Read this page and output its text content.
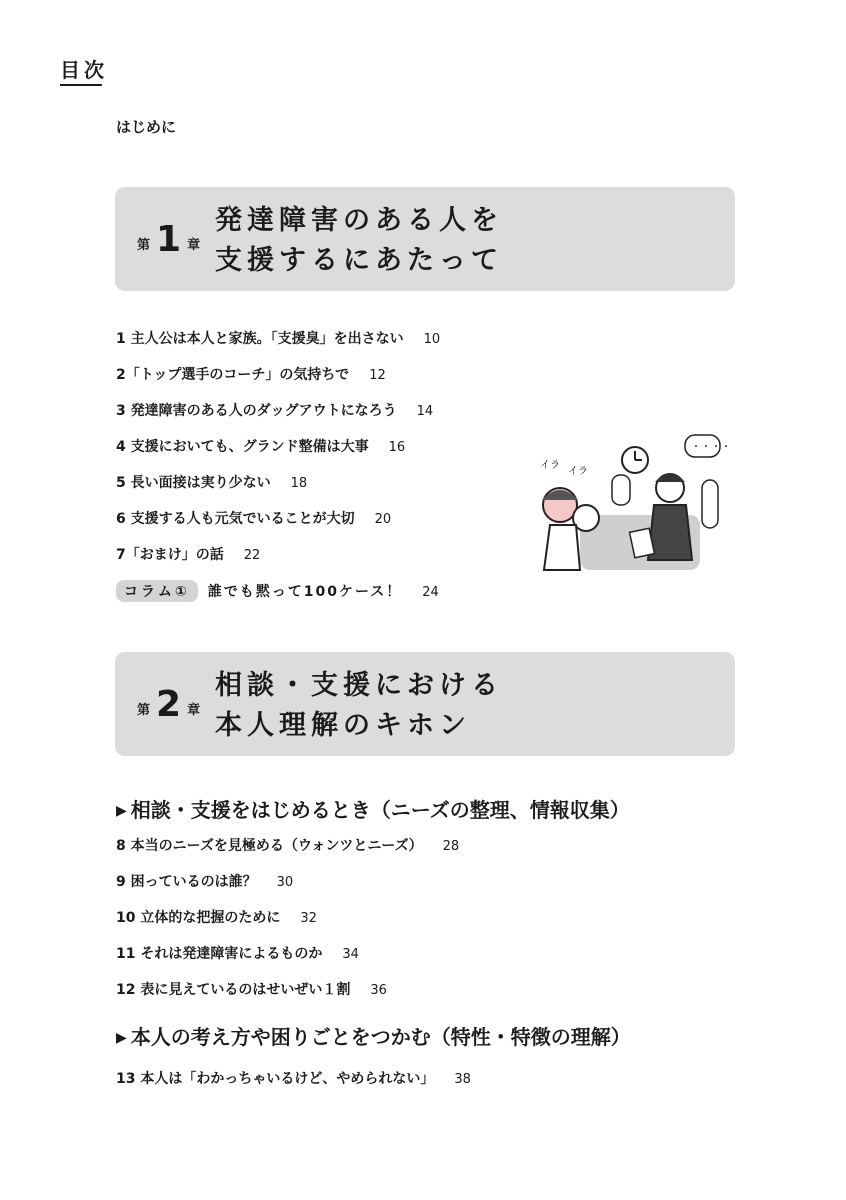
目次
はじめに
第 1 章
発達障害のある人を
支援するにあたって
1 主人公は本人と家族。「支援臭」を出さない 10
2「トップ選手のコーチ」の気持ちで 12
3 発達障害のある人のダッグアウトになろう 14
4 支援においても、グランド整備は大事 16
5 長い面接は実り少ない 18
6 支援する人も元気でいることが大切 20
7「おまけ」の話 22
コラム① 誰でも黙って100ケース！ 24
・・・・
イラ
イラ
第 2 章
相談・支援における
本人理解のキホン
▶ 相談・支援をはじめるとき（ニーズの整理、情報収集）
8 本当のニーズを見極める（ウォンツとニーズ） 28
9 困っているのは誰？ 30
10 立体的な把握のために 32
11 それは発達障害によるものか 34
12 表に見えているのはせいぜい１割 36
▶ 本人の考え方や困りごとをつかむ（特性・特徴の理解）
13 本人は「わかっちゃいるけど、やめられない」 38
